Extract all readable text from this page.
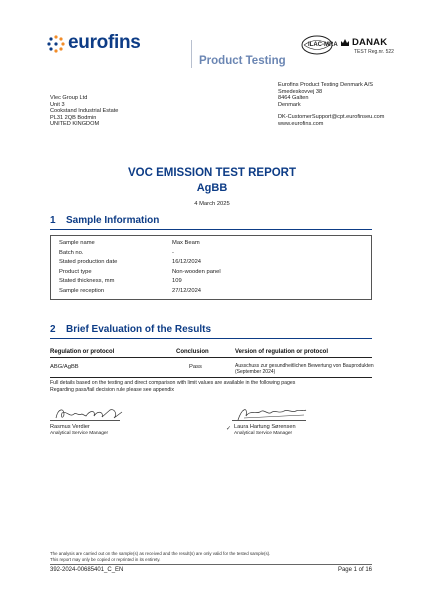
eurofins
Product Testing
ILAC-MRA DANAK
TEST Reg.nr. 522
Eurofins Product Testing Denmark A/S
Smedeskovvej 38
8464 Galten
Denmark
DK-CustomerSupport@cpt.eurofinseu.com
www.eurofins.com
Vlec Group Ltd
Unit 3
Cookstand Industrial Estate
PL31 2QB Bodmin
UNITED KINGDOM
VOC EMISSION TEST REPORT
AgBB
4 March 2025
1 Sample Information
Sample name	Max Beam
Batch no.	-
Stated production date	16/12/2024
Product type	Non-wooden panel
Stated thickness, mm	109
Sample reception	27/12/2024
2 Brief Evaluation of the Results
Regulation or protocol	Conclusion	Version of regulation or protocol
ABG/AgBB	Pass	Ausschuss zur gesundheitlichen Bewertung von Bauprodukten (September 2024)
Full details based on the testing and direct comparison with limit values are available in the following pages
Regarding pass/fail decision rule please see appendix
Rasmus Verdier
Analytical Service Manager
✓ Laura Hartung Sørensen
Analytical Service Manager
The analysis are carried out on the sample(s) as received and the result(s) are only valid for the tested sample(s).
This report may only be copied or reprinted in its entirety.
392-2024-00685401_C_EN	Page 1 of 16
